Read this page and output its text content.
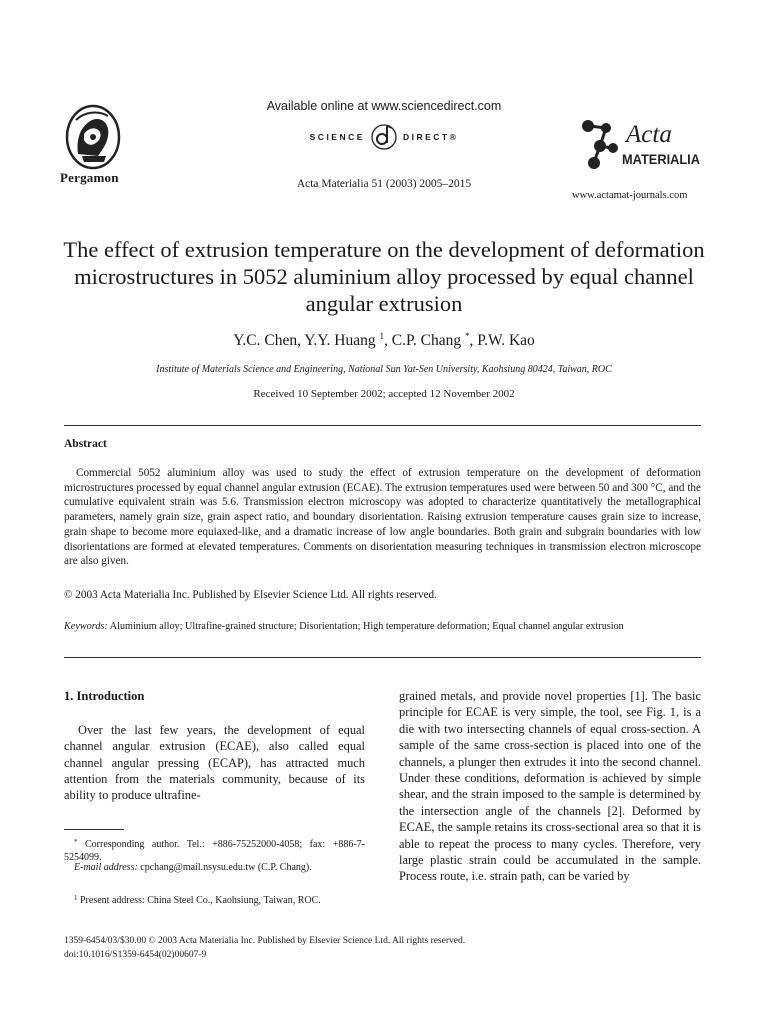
Pergamon
Available online at www.sciencedirect.com
SCIENCE	DIRECT®
Acta Materialia 51 (2003) 2005–2015
Acta
MATERIALIA
www.actamat-journals.com
The effect of extrusion temperature on the development of deformation microstructures in 5052 aluminium alloy processed by equal channel angular extrusion
Y.C. Chen, Y.Y. Huang $^1$, C.P. Chang *, P.W. Kao
Institute of Materials Science and Engineering, National Sun Yat-Sen University, Kaohsiung 80424, Taiwan, ROC
Received 10 September 2002; accepted 12 November 2002
Abstract

Commercial 5052 aluminium alloy was used to study the effect of extrusion temperature on the development of deformation microstructures processed by equal channel angular extrusion (ECAE). The extrusion temperatures used were between 50 and 300 °C, and the cumulative equivalent strain was 5.6. Transmission electron microscopy was adopted to characterize quantitatively the metallographical parameters, namely grain size, grain aspect ratio, and boundary disorientation. Raising extrusion temperature causes grain size to increase, grain shape to become more equiaxed-like, and a dramatic increase of low angle boundaries. Both grain and subgrain boundaries with low disorientations are formed at elevated temperatures. Comments on disorientation measuring techniques in transmission electron microscope are also given.

© 2003 Acta Materialia Inc. Published by Elsevier Science Ltd. All rights reserved.

Keywords: Aluminium alloy; Ultrafine-grained structure; Disorientation; High temperature deformation; Equal channel angular extrusion

1. Introduction

Over the last few years, the development of equal channel angular extrusion (ECAE), also called equal channel angular pressing (ECAP), has attracted much attention from the materials community, because of its ability to produce ultrafine-

grained metals, and provide novel properties [1]. The basic principle for ECAE is very simple, the tool, see Fig. 1, is a die with two intersecting channels of equal cross-section. A sample of the same cross-section is placed into one of the channels, a plunger then extrudes it into the second channel. Under these conditions, deformation is achieved by simple shear, and the strain imposed to the sample is determined by the intersection angle of the channels [2]. Deformed by ECAE, the sample retains its cross-sectional area so that it is able to repeat the process to many cycles. Therefore, very large plastic strain could be accumulated in the sample. Process route, i.e. strain path, can be varied by

* Corresponding author. Tel.: +886-75252000-4058; fax: +886-7-5254099.

E-mail address: cpchang@mail.nsysu.edu.tw (C.P. Chang).

$^1$ Present address: China Steel Co., Kaohsiung, Taiwan, ROC.

1359-6454/03/$30.00 © 2003 Acta Materialia Inc. Published by Elsevier Science Ltd. All rights reserved.
doi:10.1016/S1359-6454(02)00607-9
